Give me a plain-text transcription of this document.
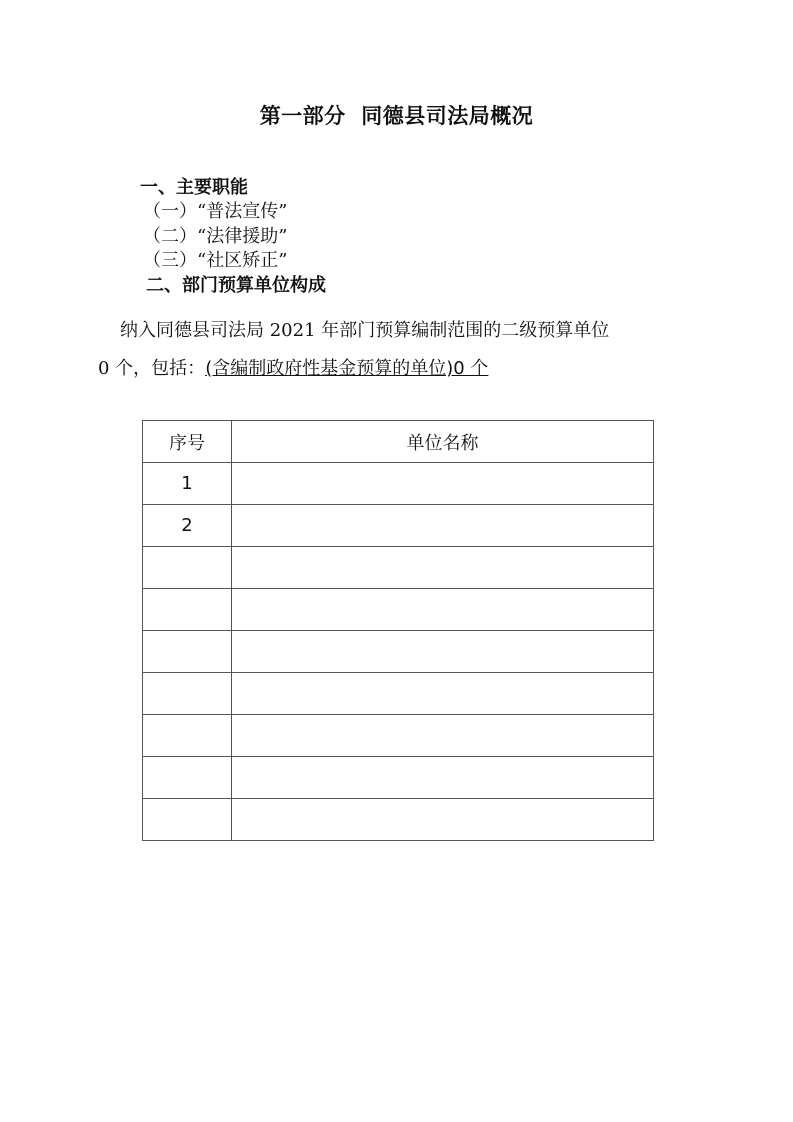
第一部分  同德县司法局概况
一、主要职能
（一）“普法宣传”
（二）“法律援助”
（三）“社区矫正”
二、部门预算单位构成
纳入同德县司法局 2021 年部门预算编制范围的二级预算单位
0 个，包括：(含编制政府性基金预算的单位)0 个
序号	单位名称
1	
2	
